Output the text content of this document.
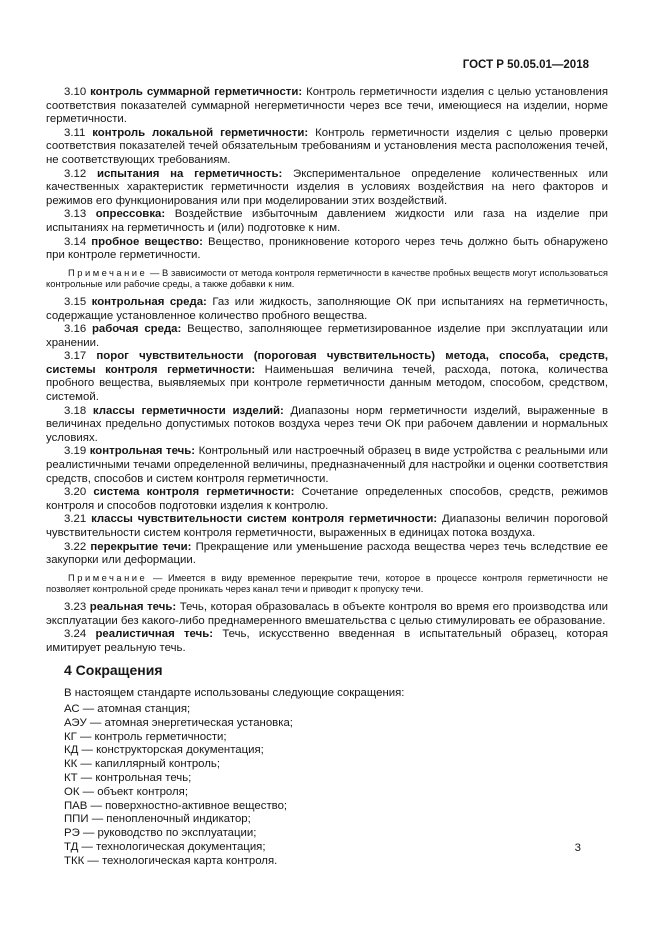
ГОСТ Р 50.05.01—2018

3.10 контроль суммарной герметичности: Контроль герметичности изделия с целью установления соответствия показателей суммарной негерметичности через все течи, имеющиеся на изделии, норме герметичности.

3.11 контроль локальной герметичности: Контроль герметичности изделия с целью проверки соответствия показателей течей обязательным требованиям и установления места расположения течей, не соответствующих требованиям.

3.12 испытания на герметичность: Экспериментальное определение количественных или качественных характеристик герметичности изделия в условиях воздействия на него факторов и режимов его функционирования или при моделировании этих воздействий.

3.13 опрессовка: Воздействие избыточным давлением жидкости или газа на изделие при испытаниях на герметичность и (или) подготовке к ним.

3.14 пробное вещество: Вещество, проникновение которого через течь должно быть обнаружено при контроле герметичности.

Примечание — В зависимости от метода контроля герметичности в качестве пробных веществ могут использоваться контрольные или рабочие среды, а также добавки к ним.

3.15 контрольная среда: Газ или жидкость, заполняющие ОК при испытаниях на герметичность, содержащие установленное количество пробного вещества.

3.16 рабочая среда: Вещество, заполняющее герметизированное изделие при эксплуатации или хранении.

3.17 порог чувствительности (пороговая чувствительность) метода, способа, средств, системы контроля герметичности: Наименьшая величина течей, расхода, потока, количества пробного вещества, выявляемых при контроле герметичности данным методом, способом, средством, системой.

3.18 классы герметичности изделий: Диапазоны норм герметичности изделий, выраженные в величинах предельно допустимых потоков воздуха через течи ОК при рабочем давлении и нормальных условиях.

3.19 контрольная течь: Контрольный или настроечный образец в виде устройства с реальными или реалистичными течами определенной величины, предназначенный для настройки и оценки соответствия средств, способов и систем контроля герметичности.

3.20 система контроля герметичности: Сочетание определенных способов, средств, режимов контроля и способов подготовки изделия к контролю.

3.21 классы чувствительности систем контроля герметичности: Диапазоны величин пороговой чувствительности систем контроля герметичности, выраженных в единицах потока воздуха.

3.22 перекрытие течи: Прекращение или уменьшение расхода вещества через течь вследствие ее закупорки или деформации.

Примечание — Имеется в виду временное перекрытие течи, которое в процессе контроля герметичности не позволяет контрольной среде проникать через канал течи и приводит к пропуску течи.

3.23 реальная течь: Течь, которая образовалась в объекте контроля во время его производства или эксплуатации без какого-либо преднамеренного вмешательства с целью стимулировать ее образование.

3.24 реалистичная течь: Течь, искусственно введенная в испытательный образец, которая имитирует реальную течь.

4 Сокращения

В настоящем стандарте использованы следующие сокращения:

АС — атомная станция;

АЭУ — атомная энергетическая установка;

КГ — контроль герметичности;

КД — конструкторская документация;

КК — капиллярный контроль;

КТ — контрольная течь;

ОК — объект контроля;

ПАВ — поверхностно-активное вещество;

ППИ — пенопленочный индикатор;

РЭ — руководство по эксплуатации;

ТД — технологическая документация;

ТКК — технологическая карта контроля.

3
